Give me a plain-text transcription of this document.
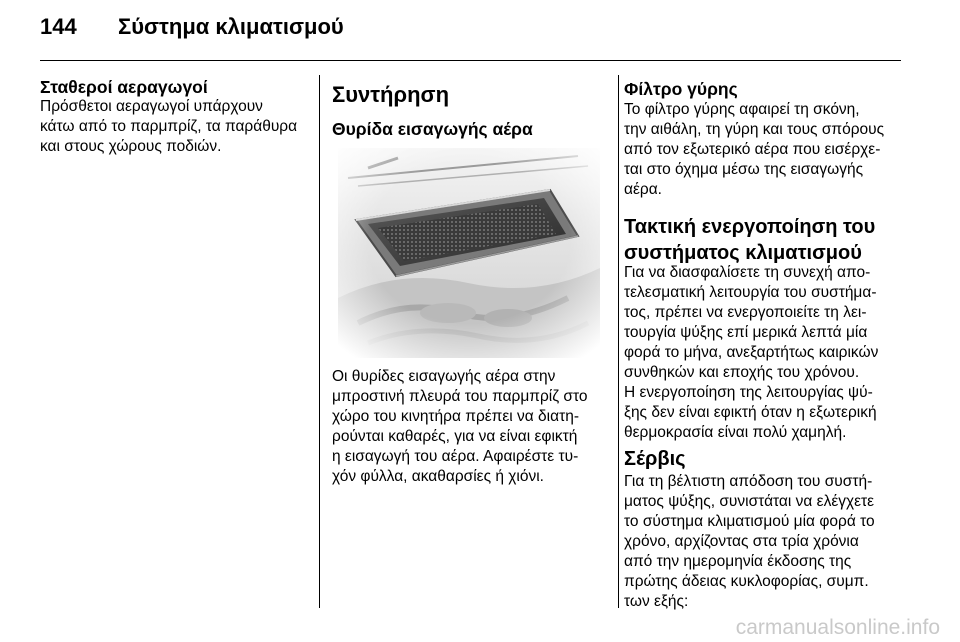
144 Σύστημα κλιματισμού
Σταθεροί αεραγωγοί
Πρόσθετοι αεραγωγοί υπάρχουν
κάτω από το παρμπρίζ, τα παράθυρα
και στους χώρους ποδιών.
Συντήρηση
Θυρίδα εισαγωγής αέρα
Οι θυρίδες εισαγωγής αέρα στην
μπροστινή πλευρά του παρμπρίζ στο
χώρο του κινητήρα πρέπει να διατη-
ρούνται καθαρές, για να είναι εφικτή
η εισαγωγή του αέρα. Αφαιρέστε τυ-
χόν φύλλα, ακαθαρσίες ή χιόνι.
Φίλτρο γύρης
Το φίλτρο γύρης αφαιρεί τη σκόνη,
την αιθάλη, τη γύρη και τους σπόρους
από τον εξωτερικό αέρα που εισέρχε-
ται στο όχημα μέσω της εισαγωγής
αέρα.
Τακτική ενεργοποίηση του
συστήματος κλιματισμού
Για να διασφαλίσετε τη συνεχή απο-
τελεσματική λειτουργία του συστήμα-
τος, πρέπει να ενεργοποιείτε τη λει-
τουργία ψύξης επί μερικά λεπτά μία
φορά το μήνα, ανεξαρτήτως καιρικών
συνθηκών και εποχής του χρόνου.
Η ενεργοποίηση της λειτουργίας ψύ-
ξης δεν είναι εφικτή όταν η εξωτερική
θερμοκρασία είναι πολύ χαμηλή.
Σέρβις
Για τη βέλτιστη απόδοση του συστή-
ματος ψύξης, συνιστάται να ελέγχετε
το σύστημα κλιματισμού μία φορά το
χρόνο, αρχίζοντας στα τρία χρόνια
από την ημερομηνία έκδοσης της
πρώτης άδειας κυκλοφορίας, συμπ.
των εξής:
carmanualsonline.info
